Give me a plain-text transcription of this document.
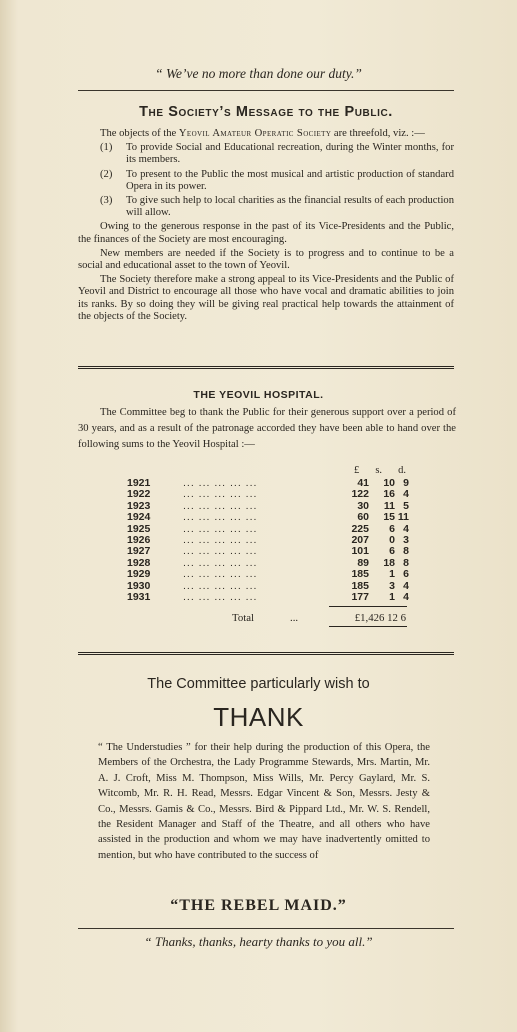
“ We’ve no more than done our duty.”
The Society’s Message to the Public.

The objects of the Yeovil Amateur Operatic Society are threefold, viz. :—

(1)	To provide Social and Educational recreation, during the Winter months, for its members.
(2)	To present to the Public the most musical and artistic production of standard Opera in its power.
(3)	To give such help to local charities as the financial results of each production will allow.

Owing to the generous response in the past of its Vice-Presidents and the Public, the finances of the Society are most encouraging.

New members are needed if the Society is to progress and to continue to be a social and educational asset to the town of Yeovil.

The Society therefore make a strong appeal to its Vice-Presidents and the Public of Yeovil and District to encourage all those who have vocal and dramatic abilities to join its ranks. By so doing they will be giving real practical help towards the attainment of the objects of the Society.

THE YEOVIL HOSPITAL.

The Committee beg to thank the Public for their generous support over a period of 30 years, and as a result of the patronage accorded they have been able to hand over the following sums to the Yeovil Hospital :—

£ s. d.
1921	... ... ... ... ...	41 10 9
1922	... ... ... ... ...	122 16 4
1923	... ... ... ... ...	30 11 5
1924	... ... ... ... ...	60 15 11
1925	... ... ... ... ...	225 6 4
1926	... ... ... ... ...	207 0 3
1927	... ... ... ... ...	101 6 8
1928	... ... ... ... ...	89 18 8
1929	... ... ... ... ...	185 1 6
1930	... ... ... ... ...	185 3 4
1931	... ... ... ... ...	177 1 4
Total	...	£1,426 12 6
The Committee particularly wish to
THANK

“ The Understudies ” for their help during the production of this Opera, the Members of the Orchestra, the Lady Programme Stewards, Mrs. Martin, Mr. A. J. Croft, Miss M. Thompson, Miss Wills, Mr. Percy Gaylard, Mr. S. Witcomb, Mr. R. H. Read, Messrs. Edgar Vincent & Son, Messrs. Jesty & Co., Messrs. Gamis & Co., Messrs. Bird & Pippard Ltd., Mr. W. S. Rendell, the Resident Manager and Staff of the Theatre, and all others who have assisted in the production and whom we may have inadvertently omitted to mention, but who have contributed to the success of

“THE REBEL MAID.”
“ Thanks, thanks, hearty thanks to you all.”
